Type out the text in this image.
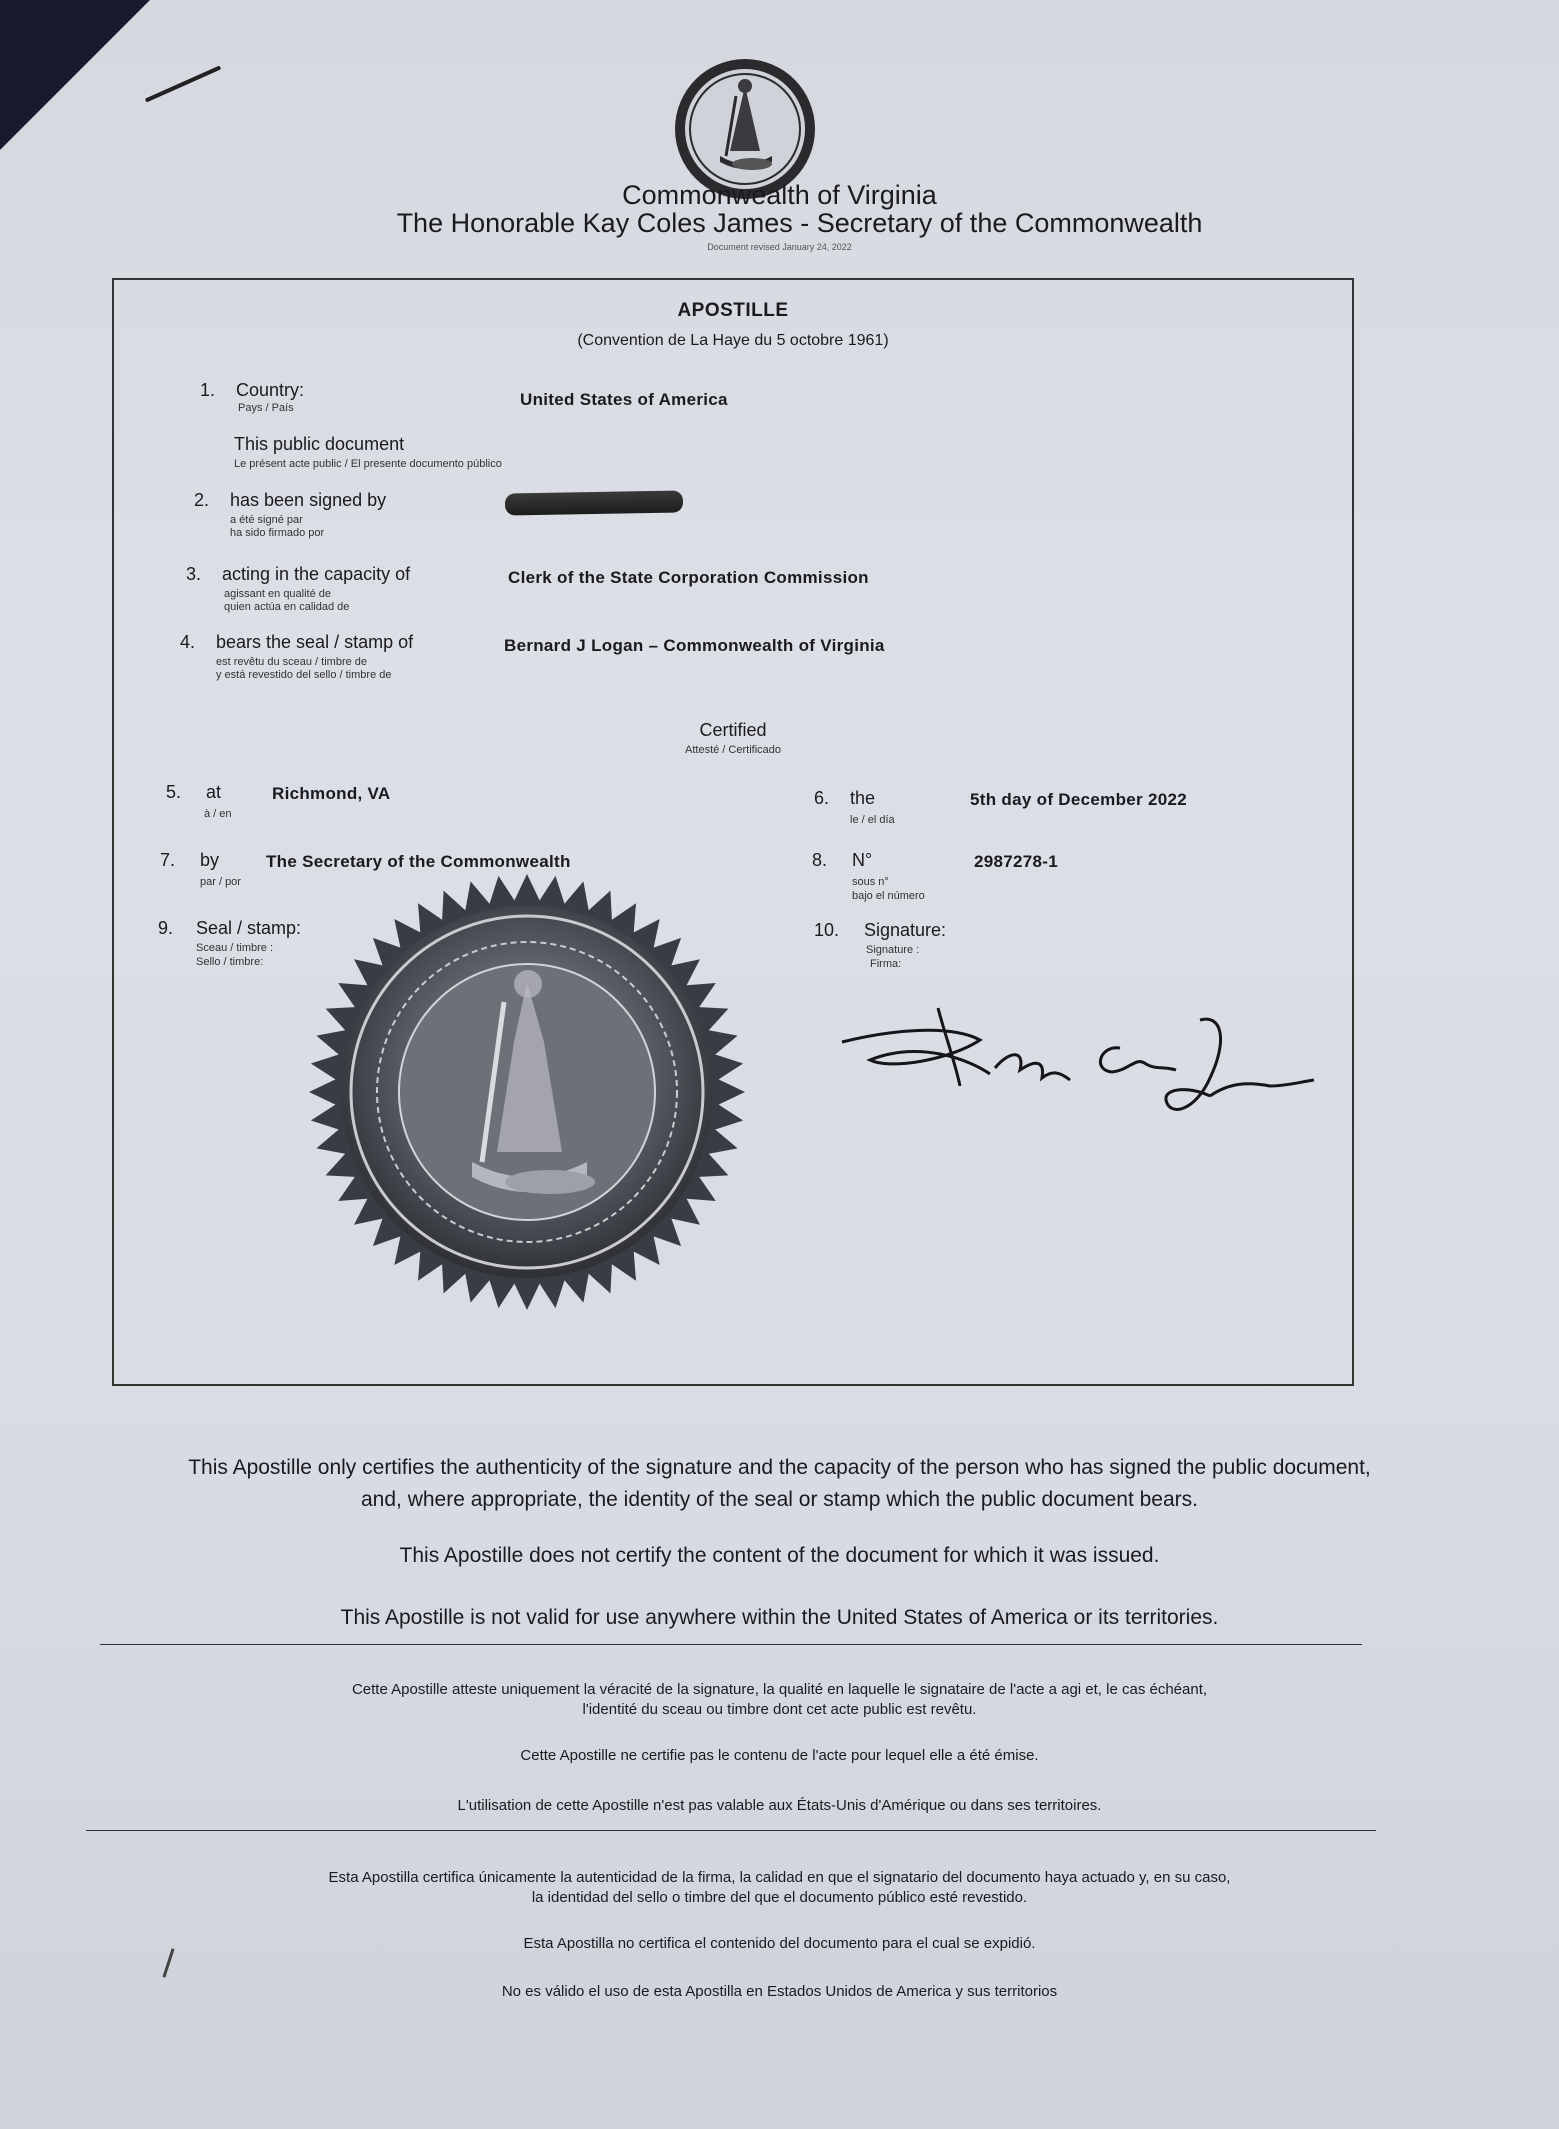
Commonwealth of Virginia
The Honorable Kay Coles James - Secretary of the Commonwealth
Document revised January 24, 2022
APOSTILLE
(Convention de La Haye du 5 octobre 1961)
1. Country:
Pays / País	United States of America
This public document
Le présent acte public / El presente documento público
2. has been signed by
a été signé par
ha sido firmado por
3. acting in the capacity of
agissant en qualité de
quien actúa en calidad de
Clerk of the State Corporation Commission
4. bears the seal / stamp of
est revêtu du sceau / timbre de
y está revestido del sello / timbre de
Bernard J Logan – Commonwealth of Virginia
Certified
Attesté / Certificado
5. at
à / en
Richmond, VA	6. the
le / el día
5th day of December 2022
7. by
par / por
The Secretary of the Commonwealth	8. N°
sous n°
bajo el número
2987278-1
9. Seal / stamp:
Sceau / timbre :
Sello / timbre:
10. Signature:
Signature :
Firma:
This Apostille only certifies the authenticity of the signature and the capacity of the person who has signed the public document,
and, where appropriate, the identity of the seal or stamp which the public document bears.
This Apostille does not certify the content of the document for which it was issued.
This Apostille is not valid for use anywhere within the United States of America or its territories.
Cette Apostille atteste uniquement la véracité de la signature, la qualité en laquelle le signataire de l'acte a agi et, le cas échéant,
l'identité du sceau ou timbre dont cet acte public est revêtu.
Cette Apostille ne certifie pas le contenu de l'acte pour lequel elle a été émise.
L'utilisation de cette Apostille n'est pas valable aux États-Unis d'Amérique ou dans ses territoires.
Esta Apostilla certifica únicamente la autenticidad de la firma, la calidad en que el signatario del documento haya actuado y, en su caso,
la identidad del sello o timbre del que el documento público esté revestido.
Esta Apostilla no certifica el contenido del documento para el cual se expidió.
No es válido el uso de esta Apostilla en Estados Unidos de America y sus territorios
